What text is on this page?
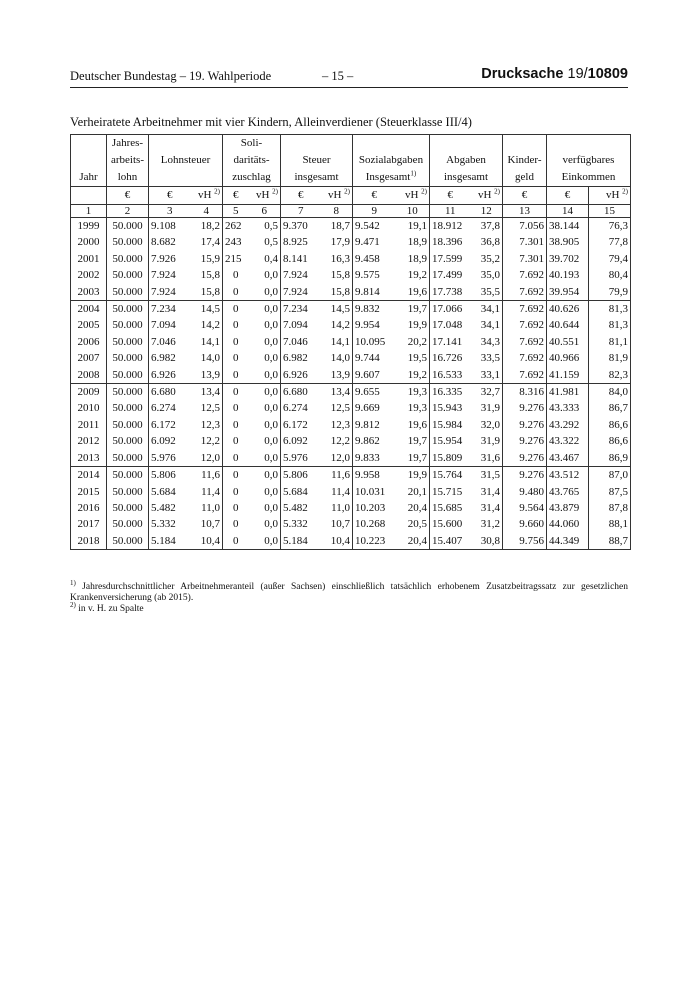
Deutscher Bundestag – 19. Wahlperiode	– 15 –	Drucksache 19/10809
Verheiratete Arbeitnehmer mit vier Kindern, Alleinverdiener (Steuerklasse III/4)
	Jahres-			Soli-										
	arbeits-	Lohnsteuer		daritäts-		Steuer		Sozialabgaben		Abgaben		Kinder-	verfügbares	
Jahr	lohn			zuschlag		insgesamt		Insgesamt$^{1)}$		insgesamt		geld	Einkommen	
	€	€	vH $^{2)}$	€	vH $^{2)}$	€	vH $^{2)}$	€	vH $^{2)}$	€	vH $^{2)}$	€	€	vH $^{2)}$
1	2	3	4	5	6	7	8	9	10	11	12	13	14	15
1999	50.000	9.108	18,2	262	0,5	9.370	18,7	9.542	19,1	18.912	37,8	7.056	38.144	76,3
2000	50.000	8.682	17,4	243	0,5	8.925	17,9	9.471	18,9	18.396	36,8	7.301	38.905	77,8
2001	50.000	7.926	15,9	215	0,4	8.141	16,3	9.458	18,9	17.599	35,2	7.301	39.702	79,4
2002	50.000	7.924	15,8	0	0,0	7.924	15,8	9.575	19,2	17.499	35,0	7.692	40.193	80,4
2003	50.000	7.924	15,8	0	0,0	7.924	15,8	9.814	19,6	17.738	35,5	7.692	39.954	79,9
2004	50.000	7.234	14,5	0	0,0	7.234	14,5	9.832	19,7	17.066	34,1	7.692	40.626	81,3
2005	50.000	7.094	14,2	0	0,0	7.094	14,2	9.954	19,9	17.048	34,1	7.692	40.644	81,3
2006	50.000	7.046	14,1	0	0,0	7.046	14,1	10.095	20,2	17.141	34,3	7.692	40.551	81,1
2007	50.000	6.982	14,0	0	0,0	6.982	14,0	9.744	19,5	16.726	33,5	7.692	40.966	81,9
2008	50.000	6.926	13,9	0	0,0	6.926	13,9	9.607	19,2	16.533	33,1	7.692	41.159	82,3
2009	50.000	6.680	13,4	0	0,0	6.680	13,4	9.655	19,3	16.335	32,7	8.316	41.981	84,0
2010	50.000	6.274	12,5	0	0,0	6.274	12,5	9.669	19,3	15.943	31,9	9.276	43.333	86,7
2011	50.000	6.172	12,3	0	0,0	6.172	12,3	9.812	19,6	15.984	32,0	9.276	43.292	86,6
2012	50.000	6.092	12,2	0	0,0	6.092	12,2	9.862	19,7	15.954	31,9	9.276	43.322	86,6
2013	50.000	5.976	12,0	0	0,0	5.976	12,0	9.833	19,7	15.809	31,6	9.276	43.467	86,9
2014	50.000	5.806	11,6	0	0,0	5.806	11,6	9.958	19,9	15.764	31,5	9.276	43.512	87,0
2015	50.000	5.684	11,4	0	0,0	5.684	11,4	10.031	20,1	15.715	31,4	9.480	43.765	87,5
2016	50.000	5.482	11,0	0	0,0	5.482	11,0	10.203	20,4	15.685	31,4	9.564	43.879	87,8
2017	50.000	5.332	10,7	0	0,0	5.332	10,7	10.268	20,5	15.600	31,2	9.660	44.060	88,1
2018	50.000	5.184	10,4	0	0,0	5.184	10,4	10.223	20,4	15.407	30,8	9.756	44.349	88,7

$^{1)}$ Jahresdurchschnittlicher Arbeitnehmeranteil (außer Sachsen) einschließlich tatsächlich erhobenem Zusatzbeitragssatz zur gesetzlichen Krankenversicherung (ab 2015).

$^{2)}$ in v. H. zu Spalte
